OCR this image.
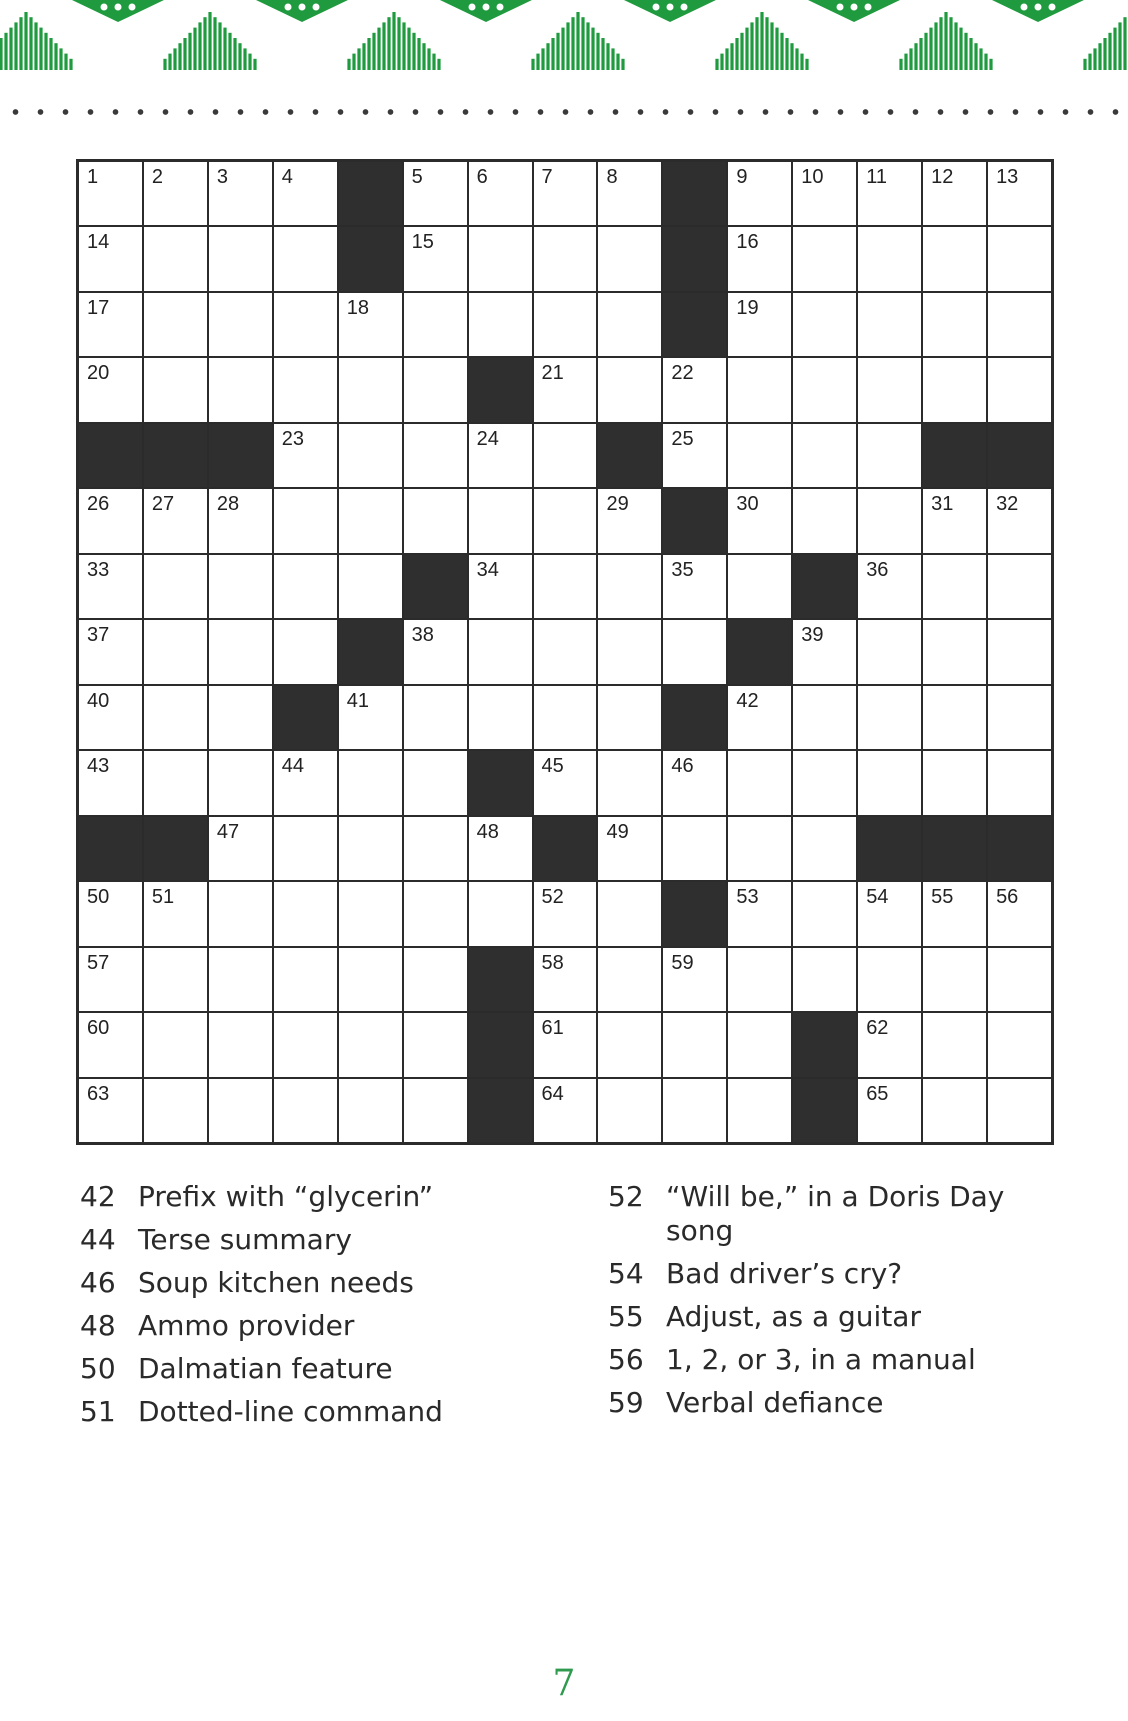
1	2	3	4	5	6	7	8	9	10 11 12 13
14	15	16
17	18	19
20	21	22
23	24	25
26 27 28	29	30	31 32
33	34	35	36
37	38	39
40	41	42
43	44	45	46
47	48	49
50 51	52	53	54 55 56
57	58	59
60	61	62
63	64	65
42 Prefix with “glycerin”
44 Terse summary
46 Soup kitchen needs
48 Ammo provider
50 Dalmatian feature
51 Dotted-line command
52 “Will be,” in a Doris Day song
54 Bad driver’s cry?
55 Adjust, as a guitar
56 1, 2, or 3, in a manual
59 Verbal defiance
7
